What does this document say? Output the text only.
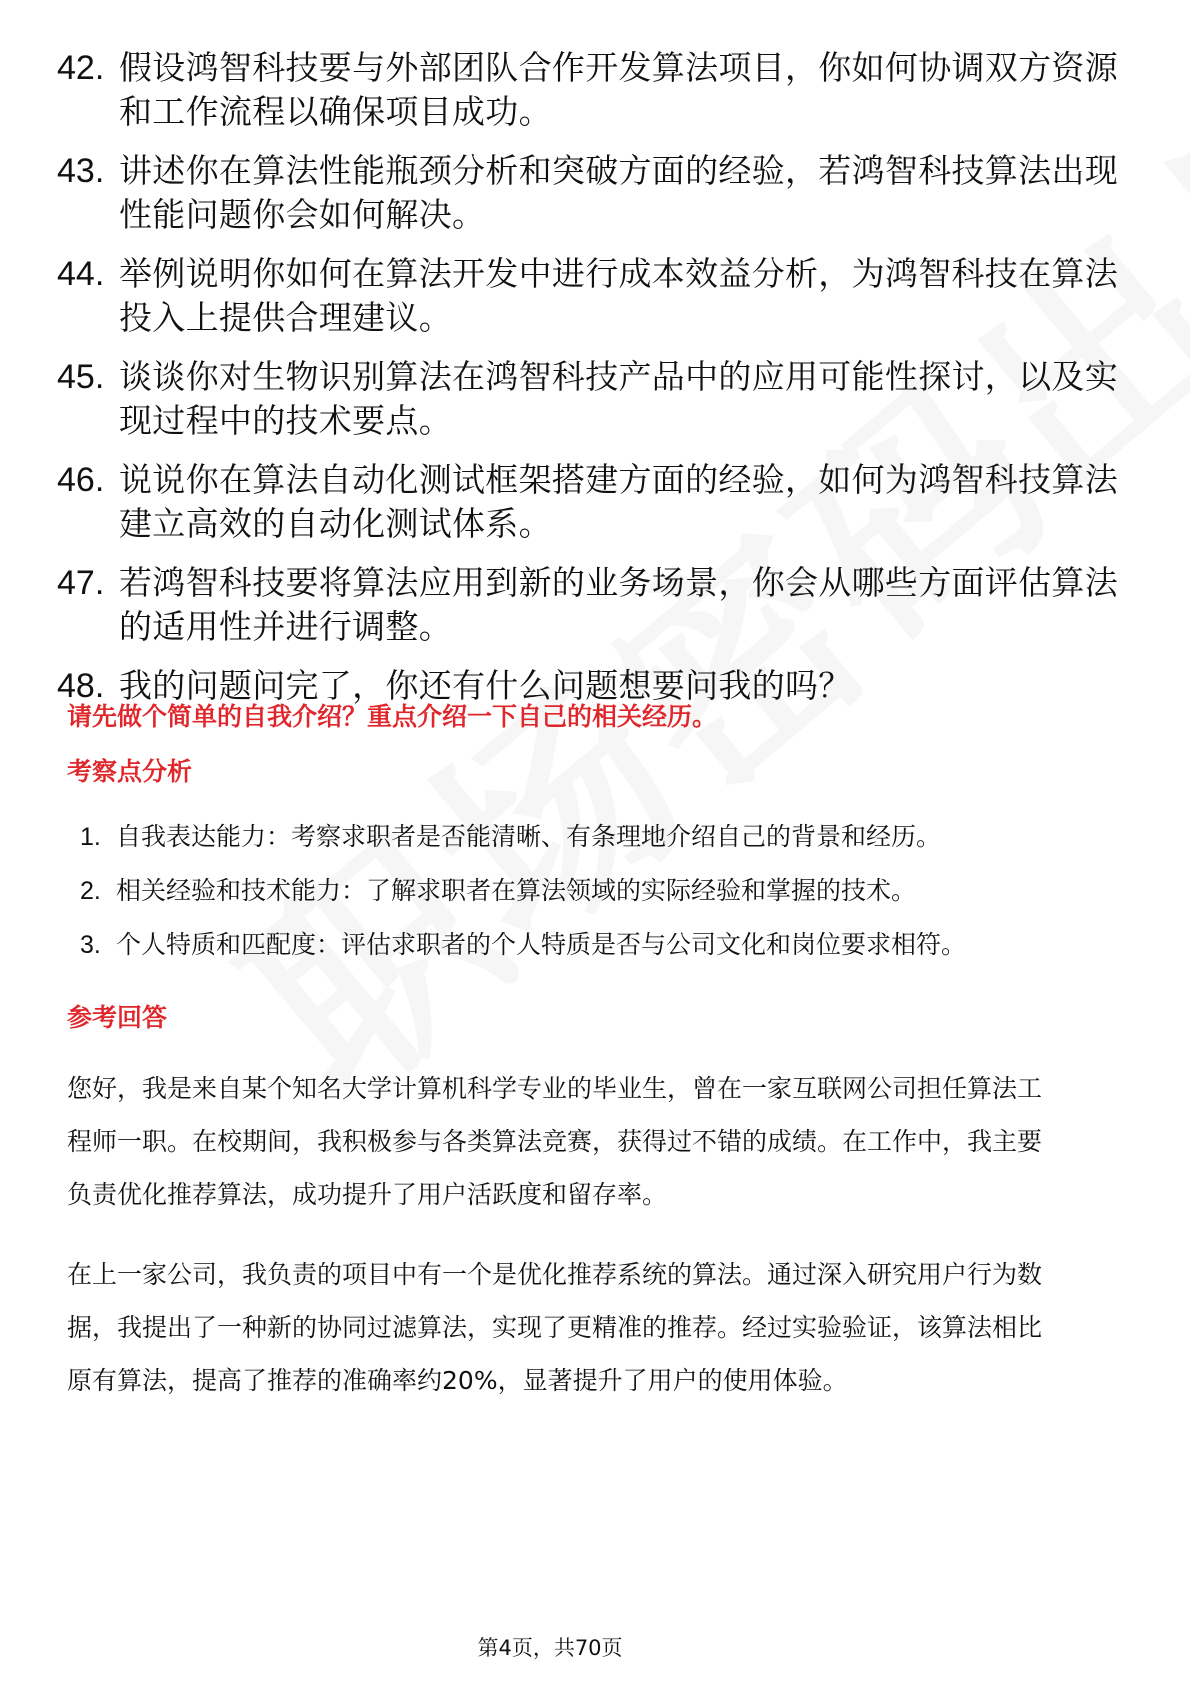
42. 假设鸿智科技要与外部团队合作开发算法项目，你如何协调双方资源和工作流程以确保项目成功。
43. 讲述你在算法性能瓶颈分析和突破方面的经验，若鸿智科技算法出现性能问题你会如何解决。
44. 举例说明你如何在算法开发中进行成本效益分析，为鸿智科技在算法投入上提供合理建议。
45. 谈谈你对生物识别算法在鸿智科技产品中的应用可能性探讨，以及实现过程中的技术要点。
46. 说说你在算法自动化测试框架搭建方面的经验，如何为鸿智科技算法建立高效的自动化测试体系。
47. 若鸿智科技要将算法应用到新的业务场景，你会从哪些方面评估算法的适用性并进行调整。
48. 我的问题问完了，你还有什么问题想要问我的吗？
请先做个简单的自我介绍？重点介绍一下自己的相关经历。
考察点分析
1. 自我表达能力：考察求职者是否能清晰、有条理地介绍自己的背景和经历。
2. 相关经验和技术能力：了解求职者在算法领域的实际经验和掌握的技术。
3. 个人特质和匹配度：评估求职者的个人特质是否与公司文化和岗位要求相符。
参考回答

您好，我是来自某个知名大学计算机科学专业的毕业生，曾在一家互联网公司担任算法工程师一职。在校期间，我积极参与各类算法竞赛，获得过不错的成绩。在工作中，我主要负责优化推荐算法，成功提升了用户活跃度和留存率。

在上一家公司，我负责的项目中有一个是优化推荐系统的算法。通过深入研究用户行为数据，我提出了一种新的协同过滤算法，实现了更精准的推荐。经过实验验证，该算法相比原有算法，提高了推荐的准确率约20%，显著提升了用户的使用体验。

第4页，共70页
